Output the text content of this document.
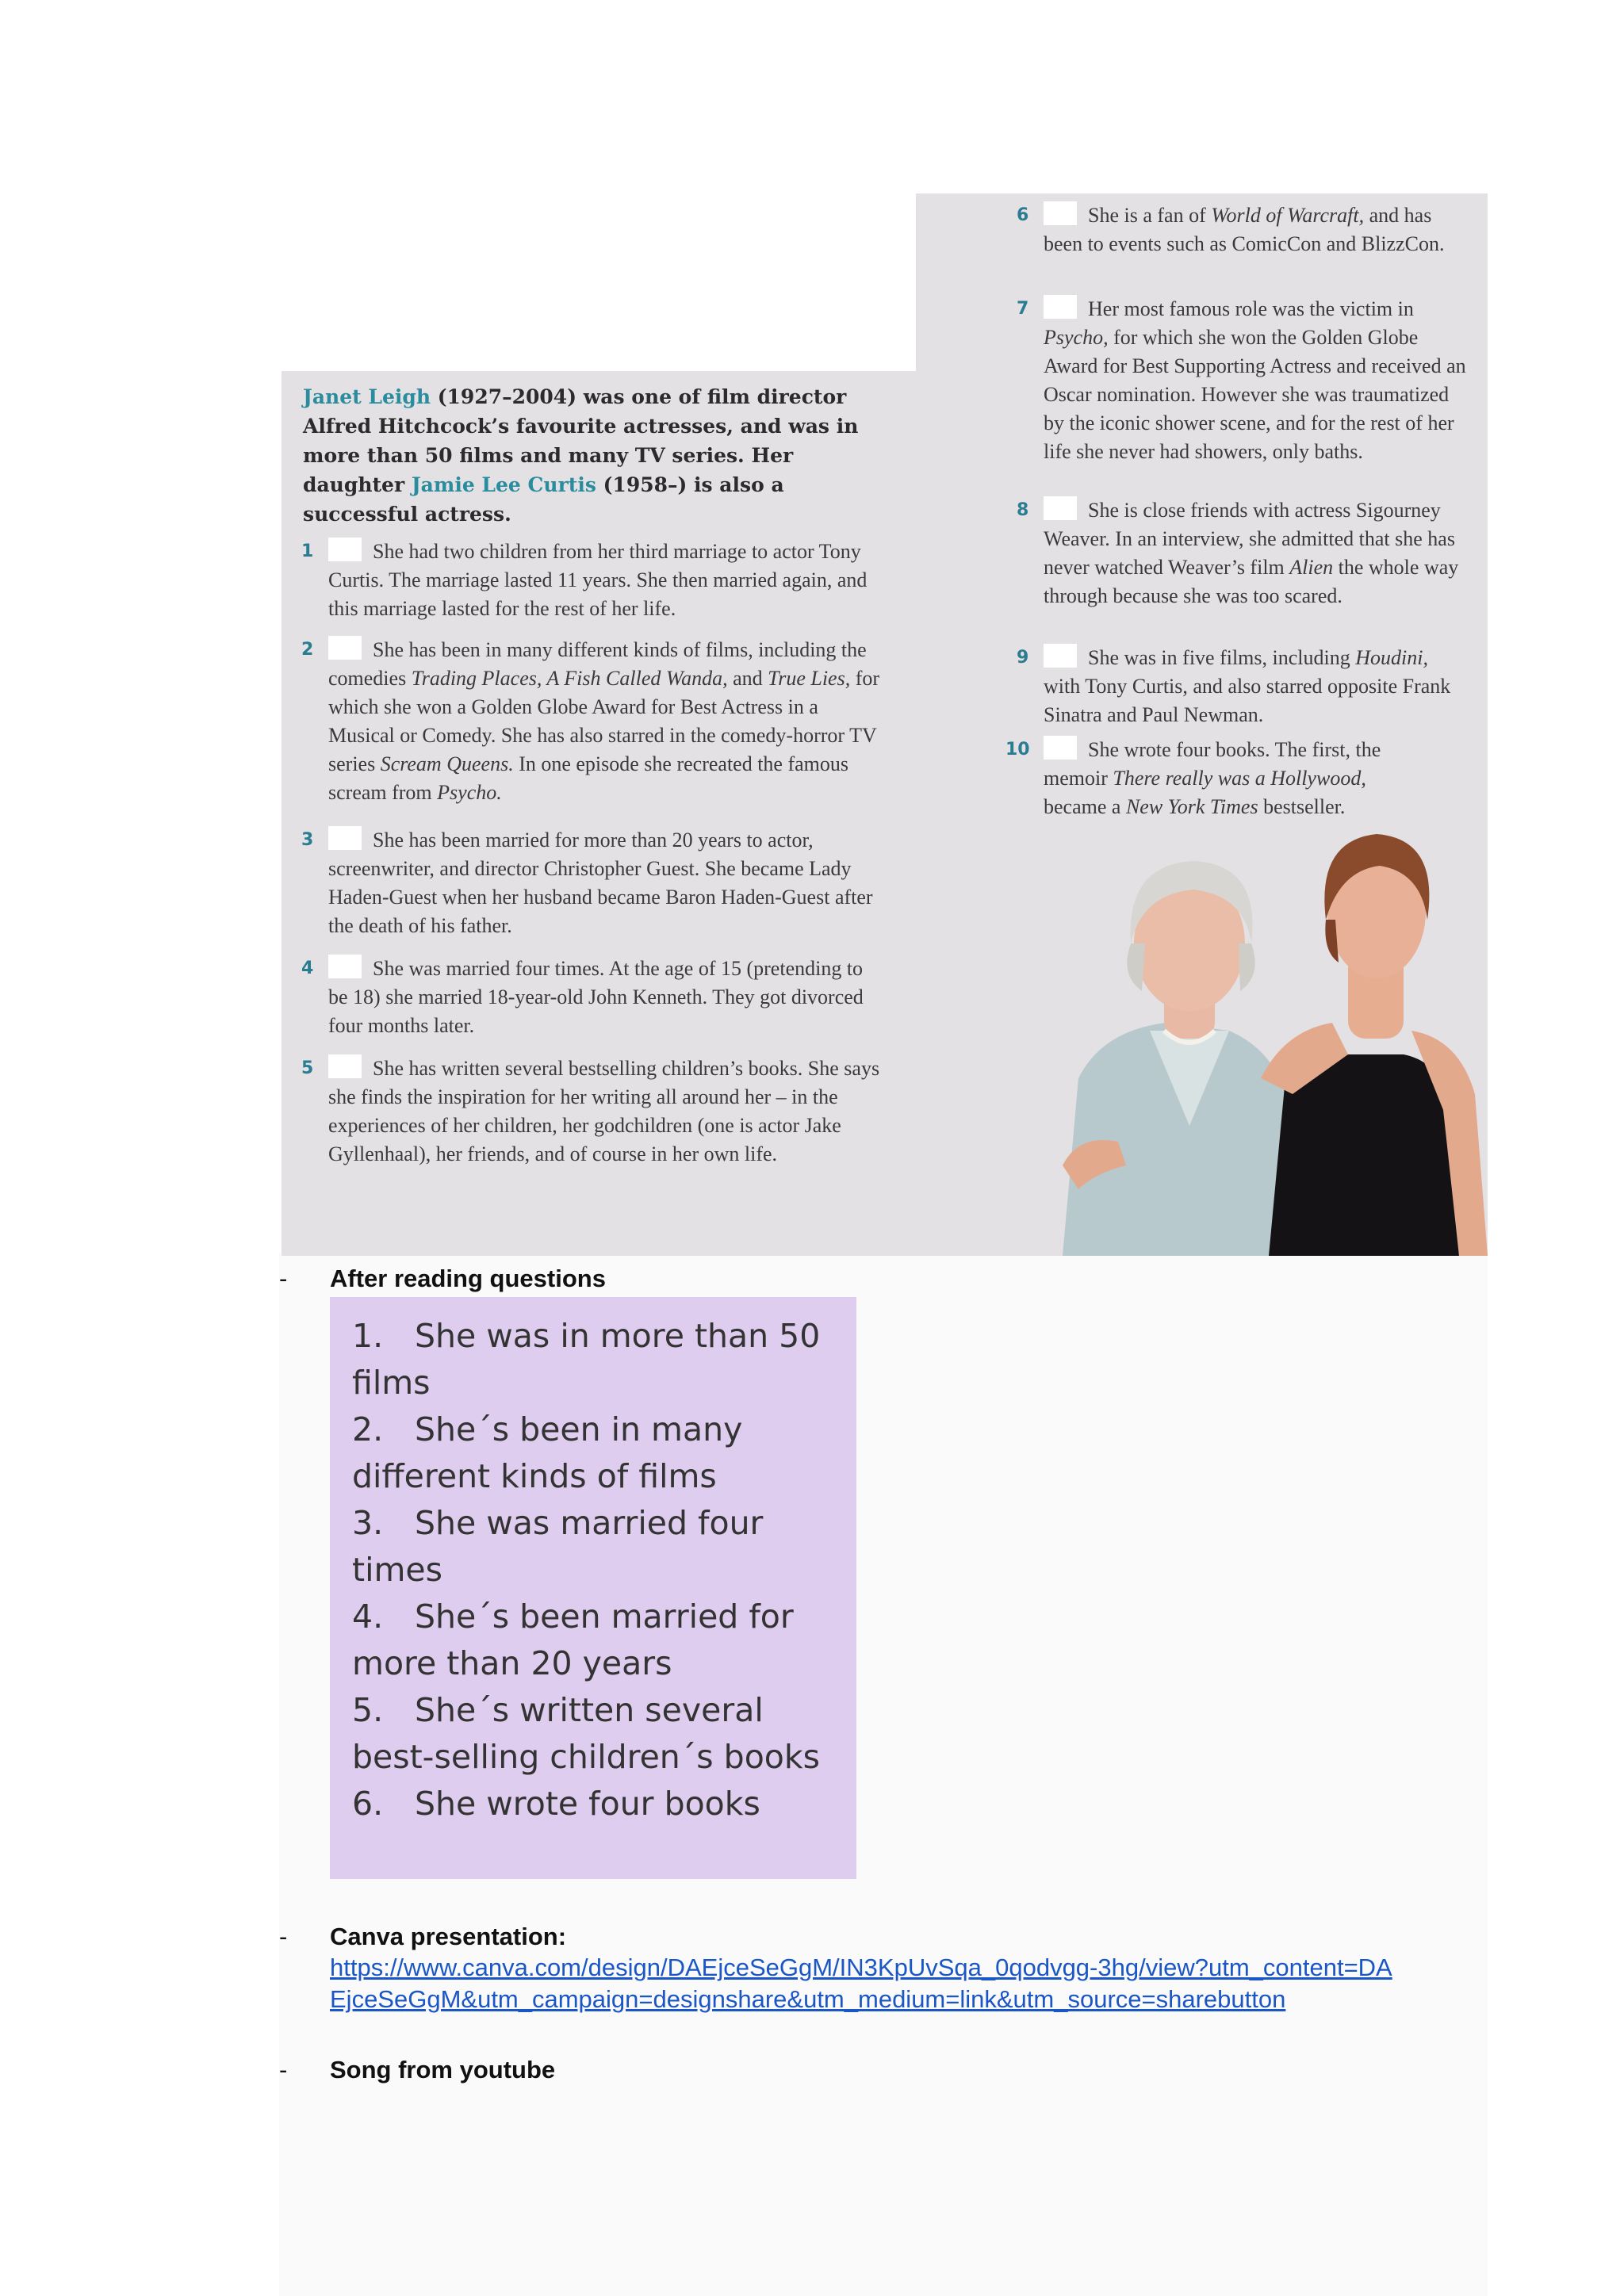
Janet Leigh (1927–2004) was one of film director Alfred Hitchcock’s favourite actresses, and was in more than 50 films and many TV series. Her daughter Jamie Lee Curtis (1958–) is also a successful actress.
1	She had two children from her third marriage to actor Tony Curtis. The marriage lasted 11 years. She then married again, and this marriage lasted for the rest of her life.
2	She has been in many different kinds of films, including the comedies Trading Places, A Fish Called Wanda, and True Lies, for which she won a Golden Globe Award for Best Actress in a Musical or Comedy. She has also starred in the comedy-horror TV series Scream Queens. In one episode she recreated the famous scream from Psycho.
3	She has been married for more than 20 years to actor, screenwriter, and director Christopher Guest. She became Lady Haden-Guest when her husband became Baron Haden-Guest after the death of his father.
4	She was married four times. At the age of 15 (pretending to be 18) she married 18-year-old John Kenneth. They got divorced four months later.
5	She has written several bestselling children’s books. She says she finds the inspiration for her writing all around her – in the experiences of her children, her godchildren (one is actor Jake Gyllenhaal), her friends, and of course in her own life.
6	She is a fan of World of Warcraft, and has been to events such as ComicCon and BlizzCon.
7	Her most famous role was the victim in Psycho, for which she won the Golden Globe Award for Best Supporting Actress and received an Oscar nomination. However she was traumatized by the iconic shower scene, and for the rest of her life she never had showers, only baths.
8	She is close friends with actress Sigourney Weaver. In an interview, she admitted that she has never watched Weaver’s film Alien the whole way through because she was too scared.
9	She was in five films, including Houdini, with Tony Curtis, and also starred opposite Frank Sinatra and Paul Newman.
10	She wrote four books. The first, the memoir There really was a Hollywood, became a New York Times bestseller.
- After reading questions
1. She was in more than 50 films
2. She´s been in many different kinds of films
3. She was married four times
4. She´s been married for more than 20 years
5. She´s written several best-selling children´s books
6. She wrote four books
- Canva presentation:
https://www.canva.com/design/DAEjceSeGgM/IN3KpUvSqa_0qodvgg-3hg/view?utm_content=DAEjceSeGgM&utm_campaign=designshare&utm_medium=link&utm_source=sharebutton
- Song from youtube
